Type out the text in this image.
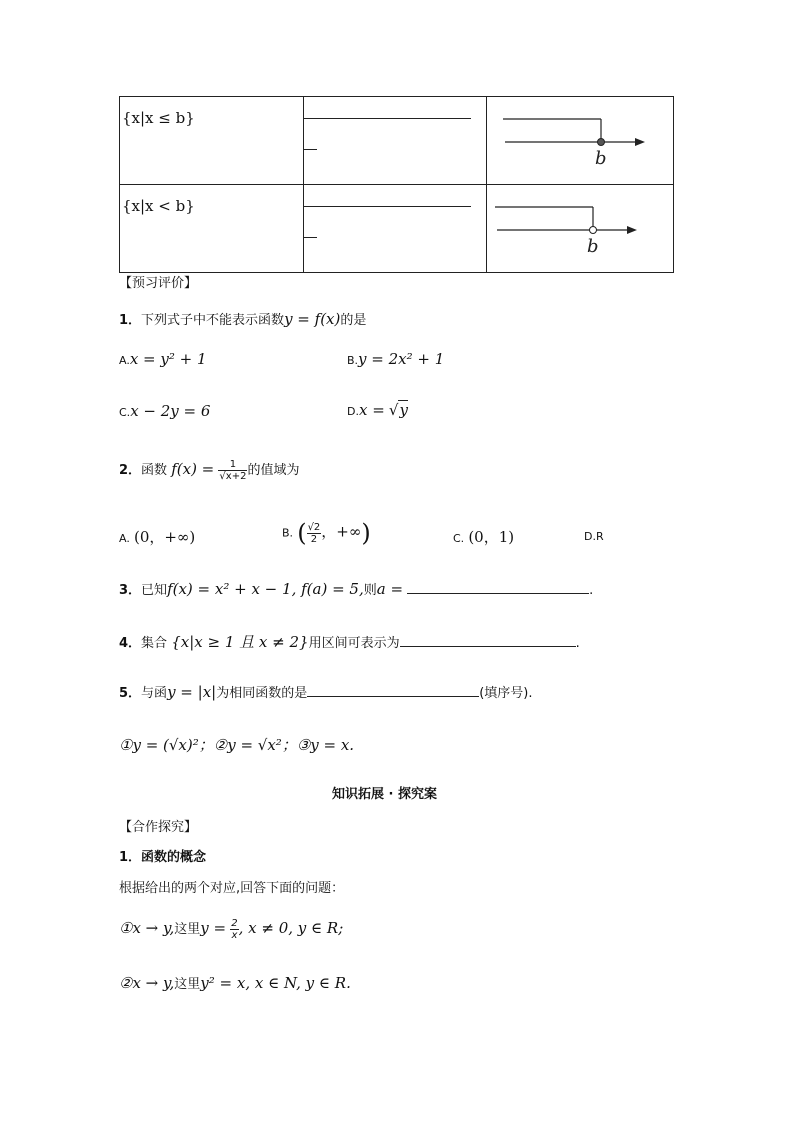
{x|x ≤ b}		b

{x|x < b}		b
【预习评价】
1．下列式子中不能表示函数y = f(x)的是
A.x = y² + 1	B.y = 2x² + 1
C.x − 2y = 6	D.x = √y
2．函数 $f(x) = \frac{1}{√x+2}$ 的值域为
A. (0，+∞)	B. ( $\frac{√2}{2}$ ，+∞)	C. (0，1)	D.R
3．已知f(x) = x² + x − 1, f(a) = 5,则a =	.
4．集合 {x|x ≥ 1 且 x ≠ 2}用区间可表示为	.
5．与函y = |x|为相同函数的是	(填序号).
①y = (√x)²；②y = √x²；③y = x.
知识拓展 · 探究案
【合作探究】
1．函数的概念
根据给出的两个对应,回答下面的问题：
①x → y,这里$y = \frac{2}{x}$ , x ≠ 0, y ∈ R;
②x → y,这里y² = x, x ∈ N, y ∈ R.
